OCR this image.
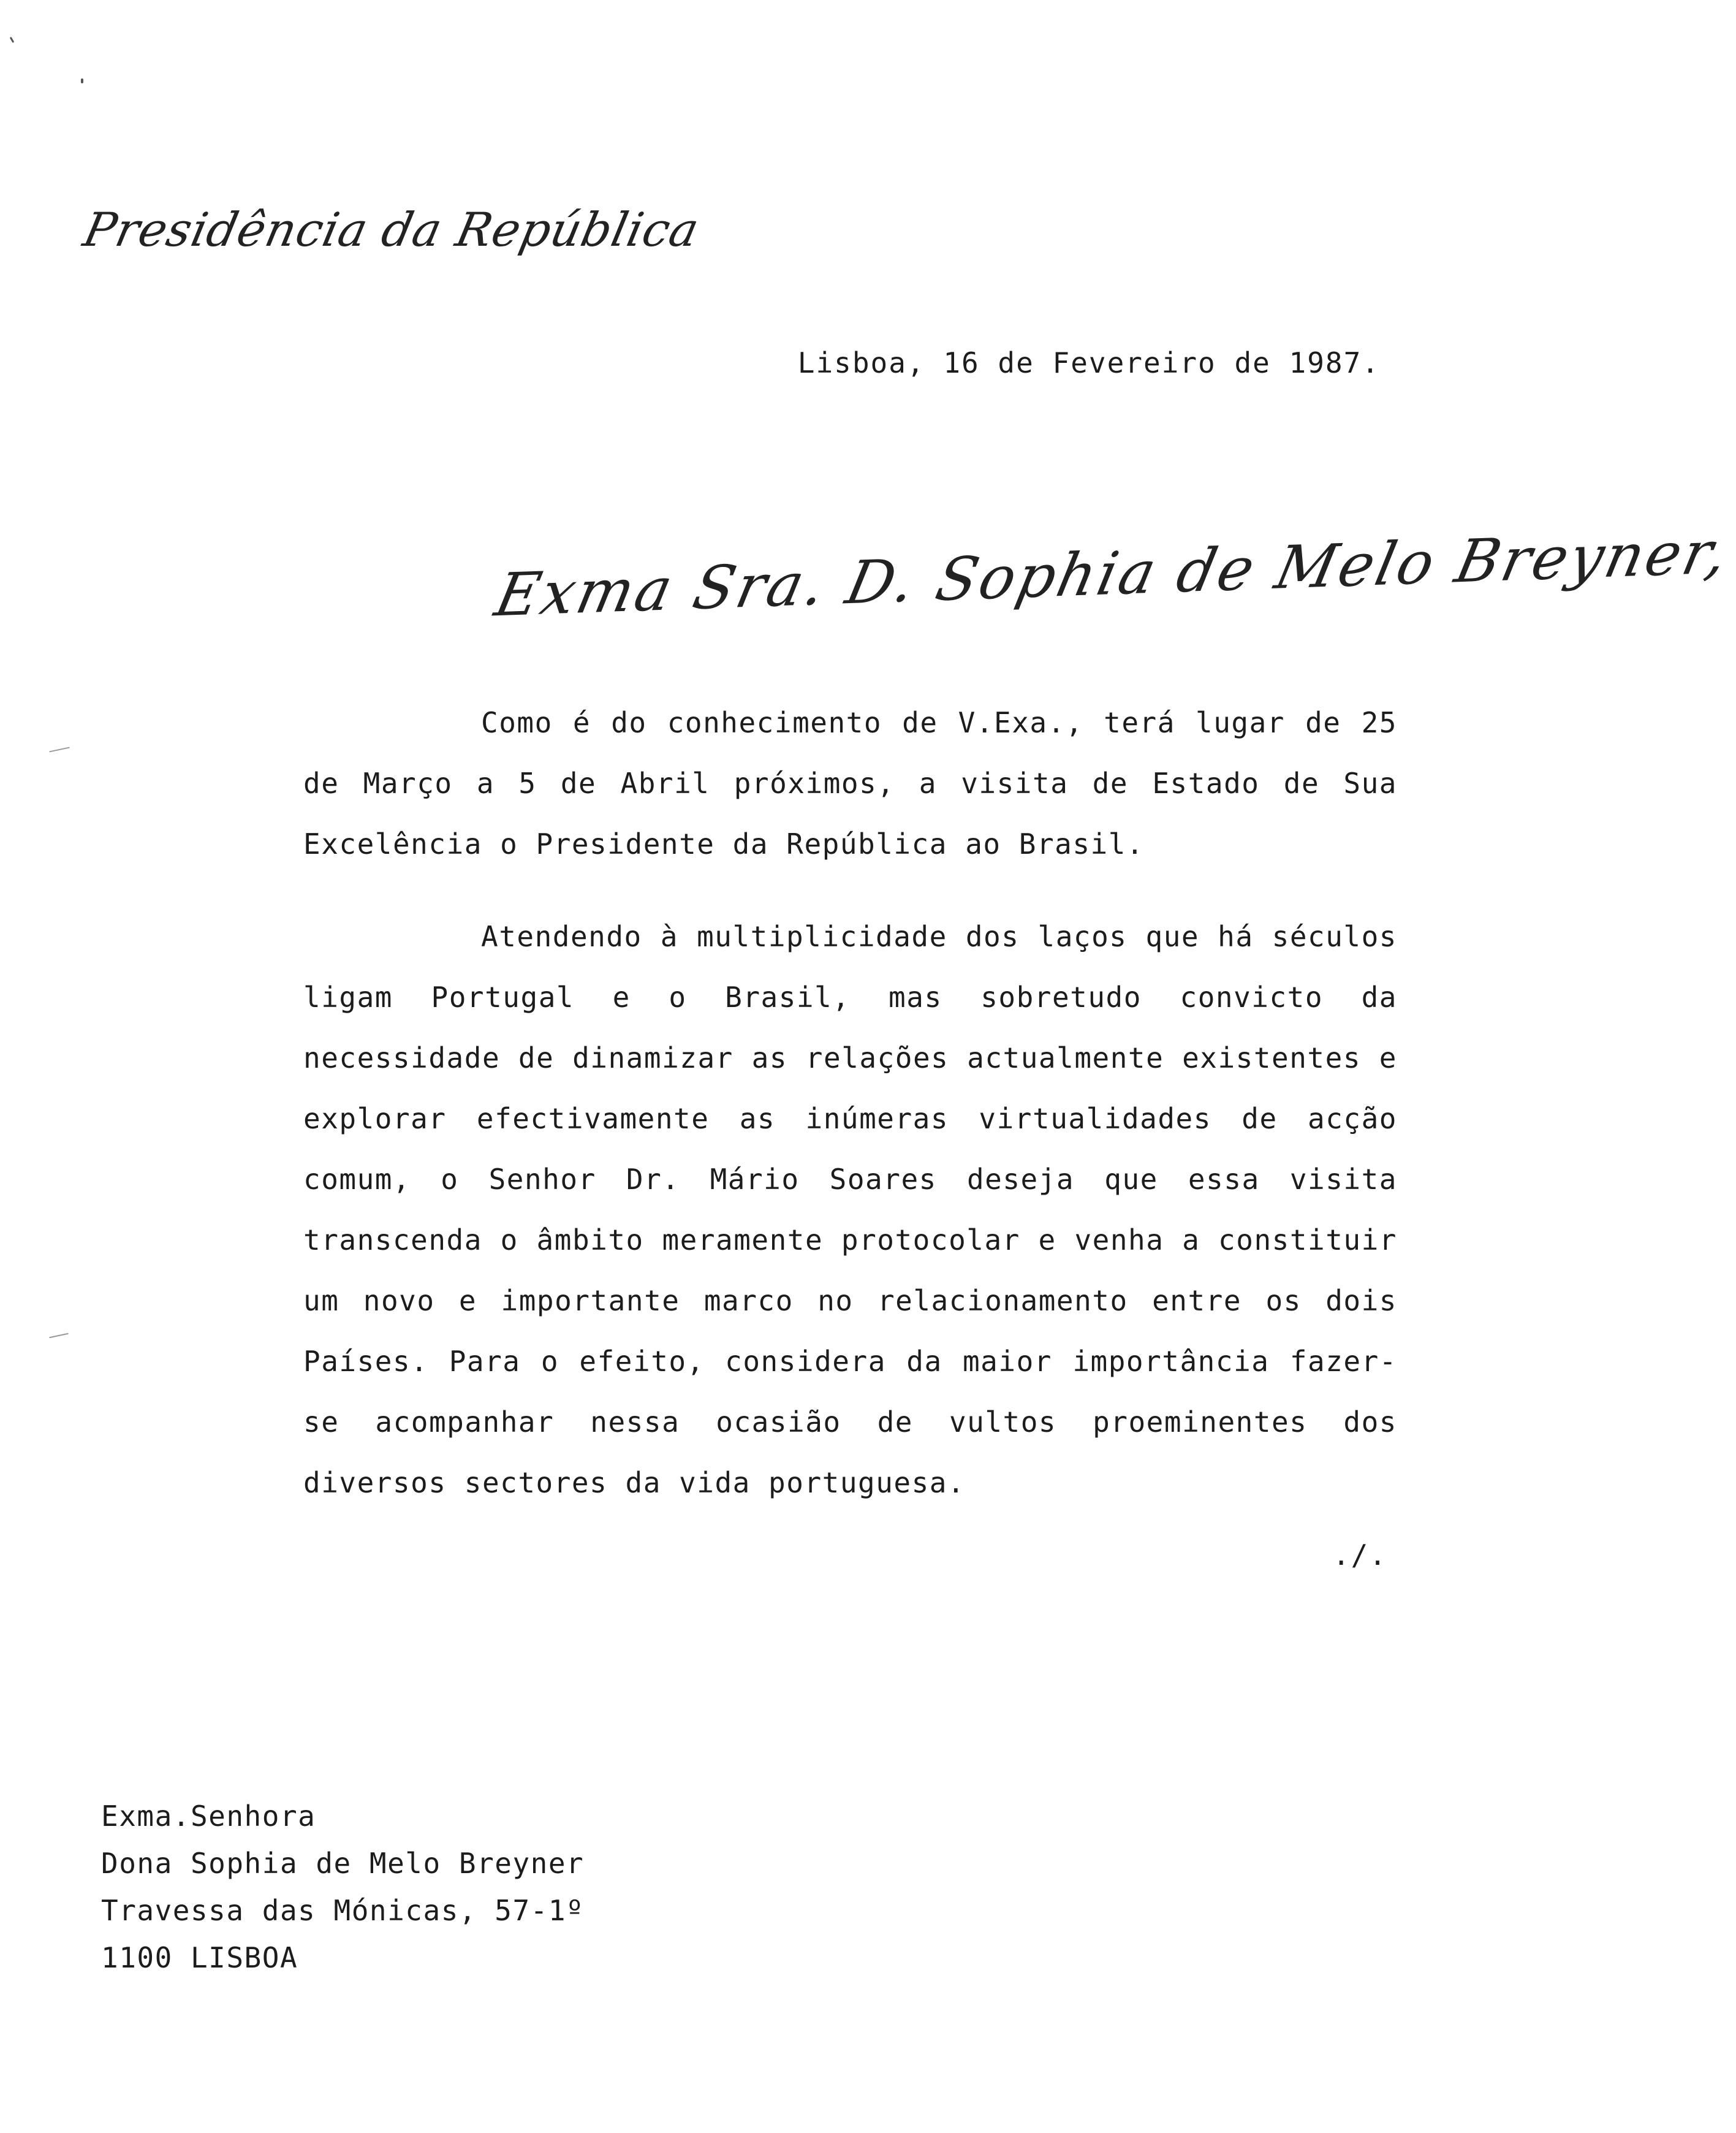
Presidência da República
Lisboa, 16 de Fevereiro de 1987.
Exma Sra. D. Sophia de Melo Breyner,

Como é do conhecimento de V.Exa., terá lugar de 25 de Março a 5 de Abril próximos, a visita de Estado de Sua Excelência o Presidente da República ao Brasil.

Atendendo à multiplicidade dos laços que há séculos ligam Portugal e o Brasil, mas sobretudo convicto da necessidade de dinamizar as relações actualmente existentes e explorar efectivamente as inúmeras virtualidades de acção comum, o Senhor Dr. Mário Soares deseja que essa visita transcenda o âmbito meramente protocolar e venha a constituir um novo e importante marco no relacionamento entre os dois Países. Para o efeito, considera da maior importância fazer-se acompanhar nessa ocasião de vultos proeminentes dos diversos sectores da vida portuguesa.

./.
Exma.Senhora
Dona Sophia de Melo Breyner
Travessa das Mónicas, 57-1º
1100 LISBOA
